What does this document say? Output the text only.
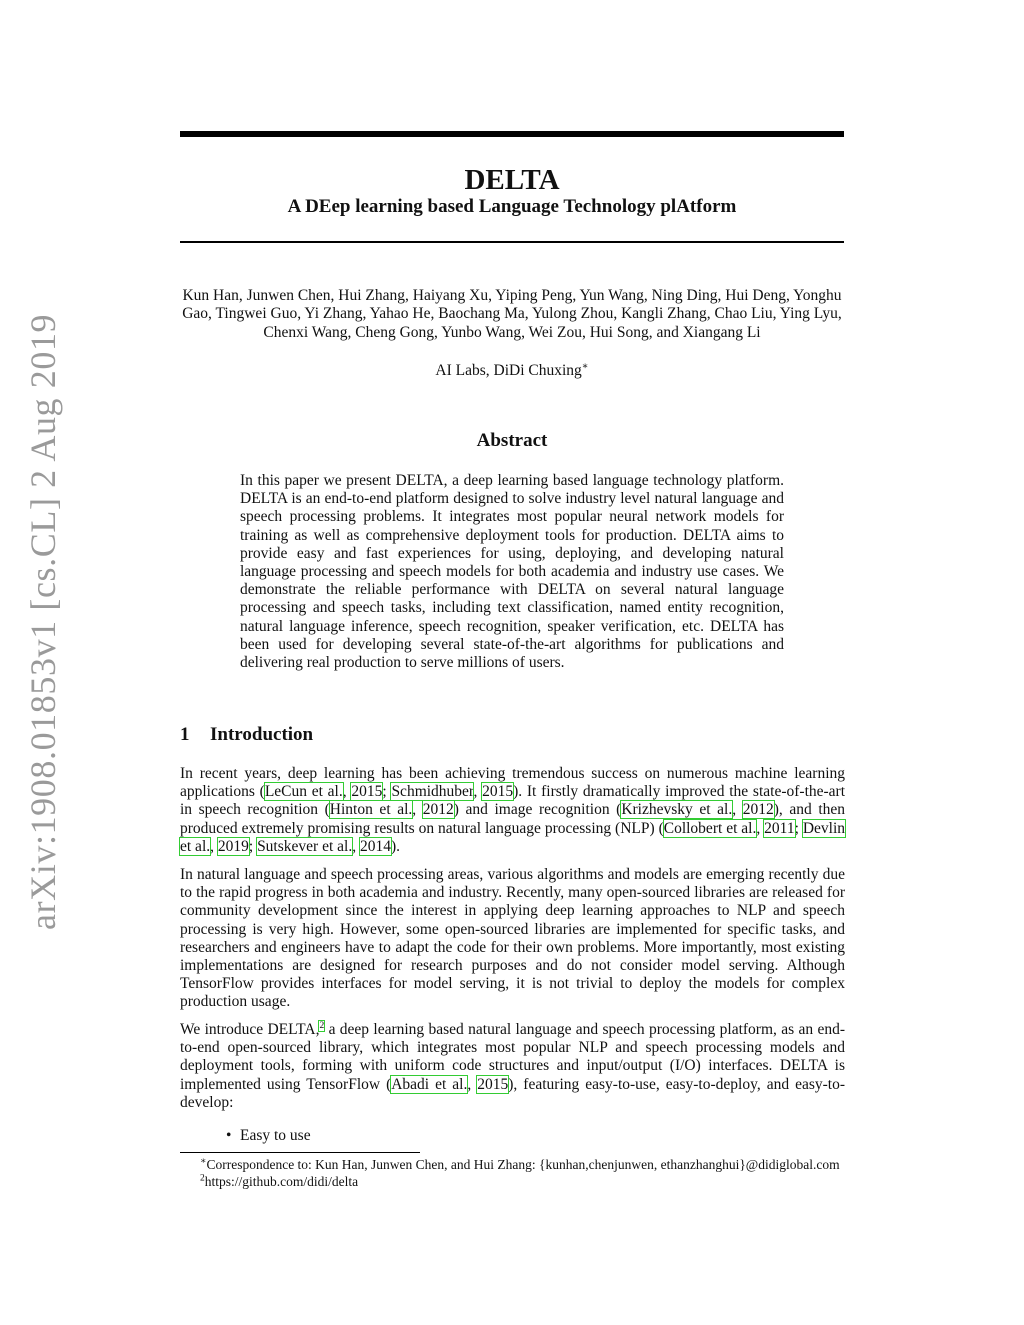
arXiv:1908.01853v1 [cs.CL] 2 Aug 2019
DELTA
A DEep learning based Language Technology plAtform
Kun Han, Junwen Chen, Hui Zhang, Haiyang Xu, Yiping Peng, Yun Wang, Ning Ding, Hui Deng, Yonghu Gao, Tingwei Guo, Yi Zhang, Yahao He, Baochang Ma, Yulong Zhou, Kangli Zhang, Chao Liu, Ying Lyu, Chenxi Wang, Cheng Gong, Yunbo Wang, Wei Zou, Hui Song, and Xiangang Li
AI Labs, DiDi Chuxing∗
Abstract
In this paper we present DELTA, a deep learning based language technology platform. DELTA is an end-to-end platform designed to solve industry level natural language and speech processing problems. It integrates most popular neural network models for training as well as comprehensive deployment tools for production. DELTA aims to provide easy and fast experiences for using, deploying, and developing natural language processing and speech models for both academia and industry use cases. We demonstrate the reliable performance with DELTA on several natural language processing and speech tasks, including text classification, named entity recognition, natural language inference, speech recognition, speaker verification, etc. DELTA has been used for developing several state-of-the-art algorithms for publications and delivering real production to serve millions of users.
1 Introduction
In recent years, deep learning has been achieving tremendous success on numerous machine learning applications (LeCun et al., 2015; Schmidhuber, 2015). It firstly dramatically improved the state-of-the-art in speech recognition (Hinton et al., 2012) and image recognition (Krizhevsky et al., 2012), and then produced extremely promising results on natural language processing (NLP) (Collobert et al., 2011; Devlin et al., 2019; Sutskever et al., 2014).
In natural language and speech processing areas, various algorithms and models are emerging recently due to the rapid progress in both academia and industry. Recently, many open-sourced libraries are released for community development since the interest in applying deep learning approaches to NLP and speech processing is very high. However, some open-sourced libraries are implemented for specific tasks, and researchers and engineers have to adapt the code for their own problems. More importantly, most existing implementations are designed for research purposes and do not consider model serving. Although TensorFlow provides interfaces for model serving, it is not trivial to deploy the models for complex production usage.
We introduce DELTA,$^2$ a deep learning based natural language and speech processing platform, as an end-to-end open-sourced library, which integrates most popular NLP and speech processing models and deployment tools, forming with uniform code structures and input/output (I/O) interfaces. DELTA is implemented using TensorFlow (Abadi et al., 2015), featuring easy-to-use, easy-to-deploy, and easy-to-develop:
• Easy to use
∗Correspondence to: Kun Han, Junwen Chen, and Hui Zhang: {kunhan,chenjunwen, ethanzhanghui}@didiglobal.com
$^2$https://github.com/didi/delta
